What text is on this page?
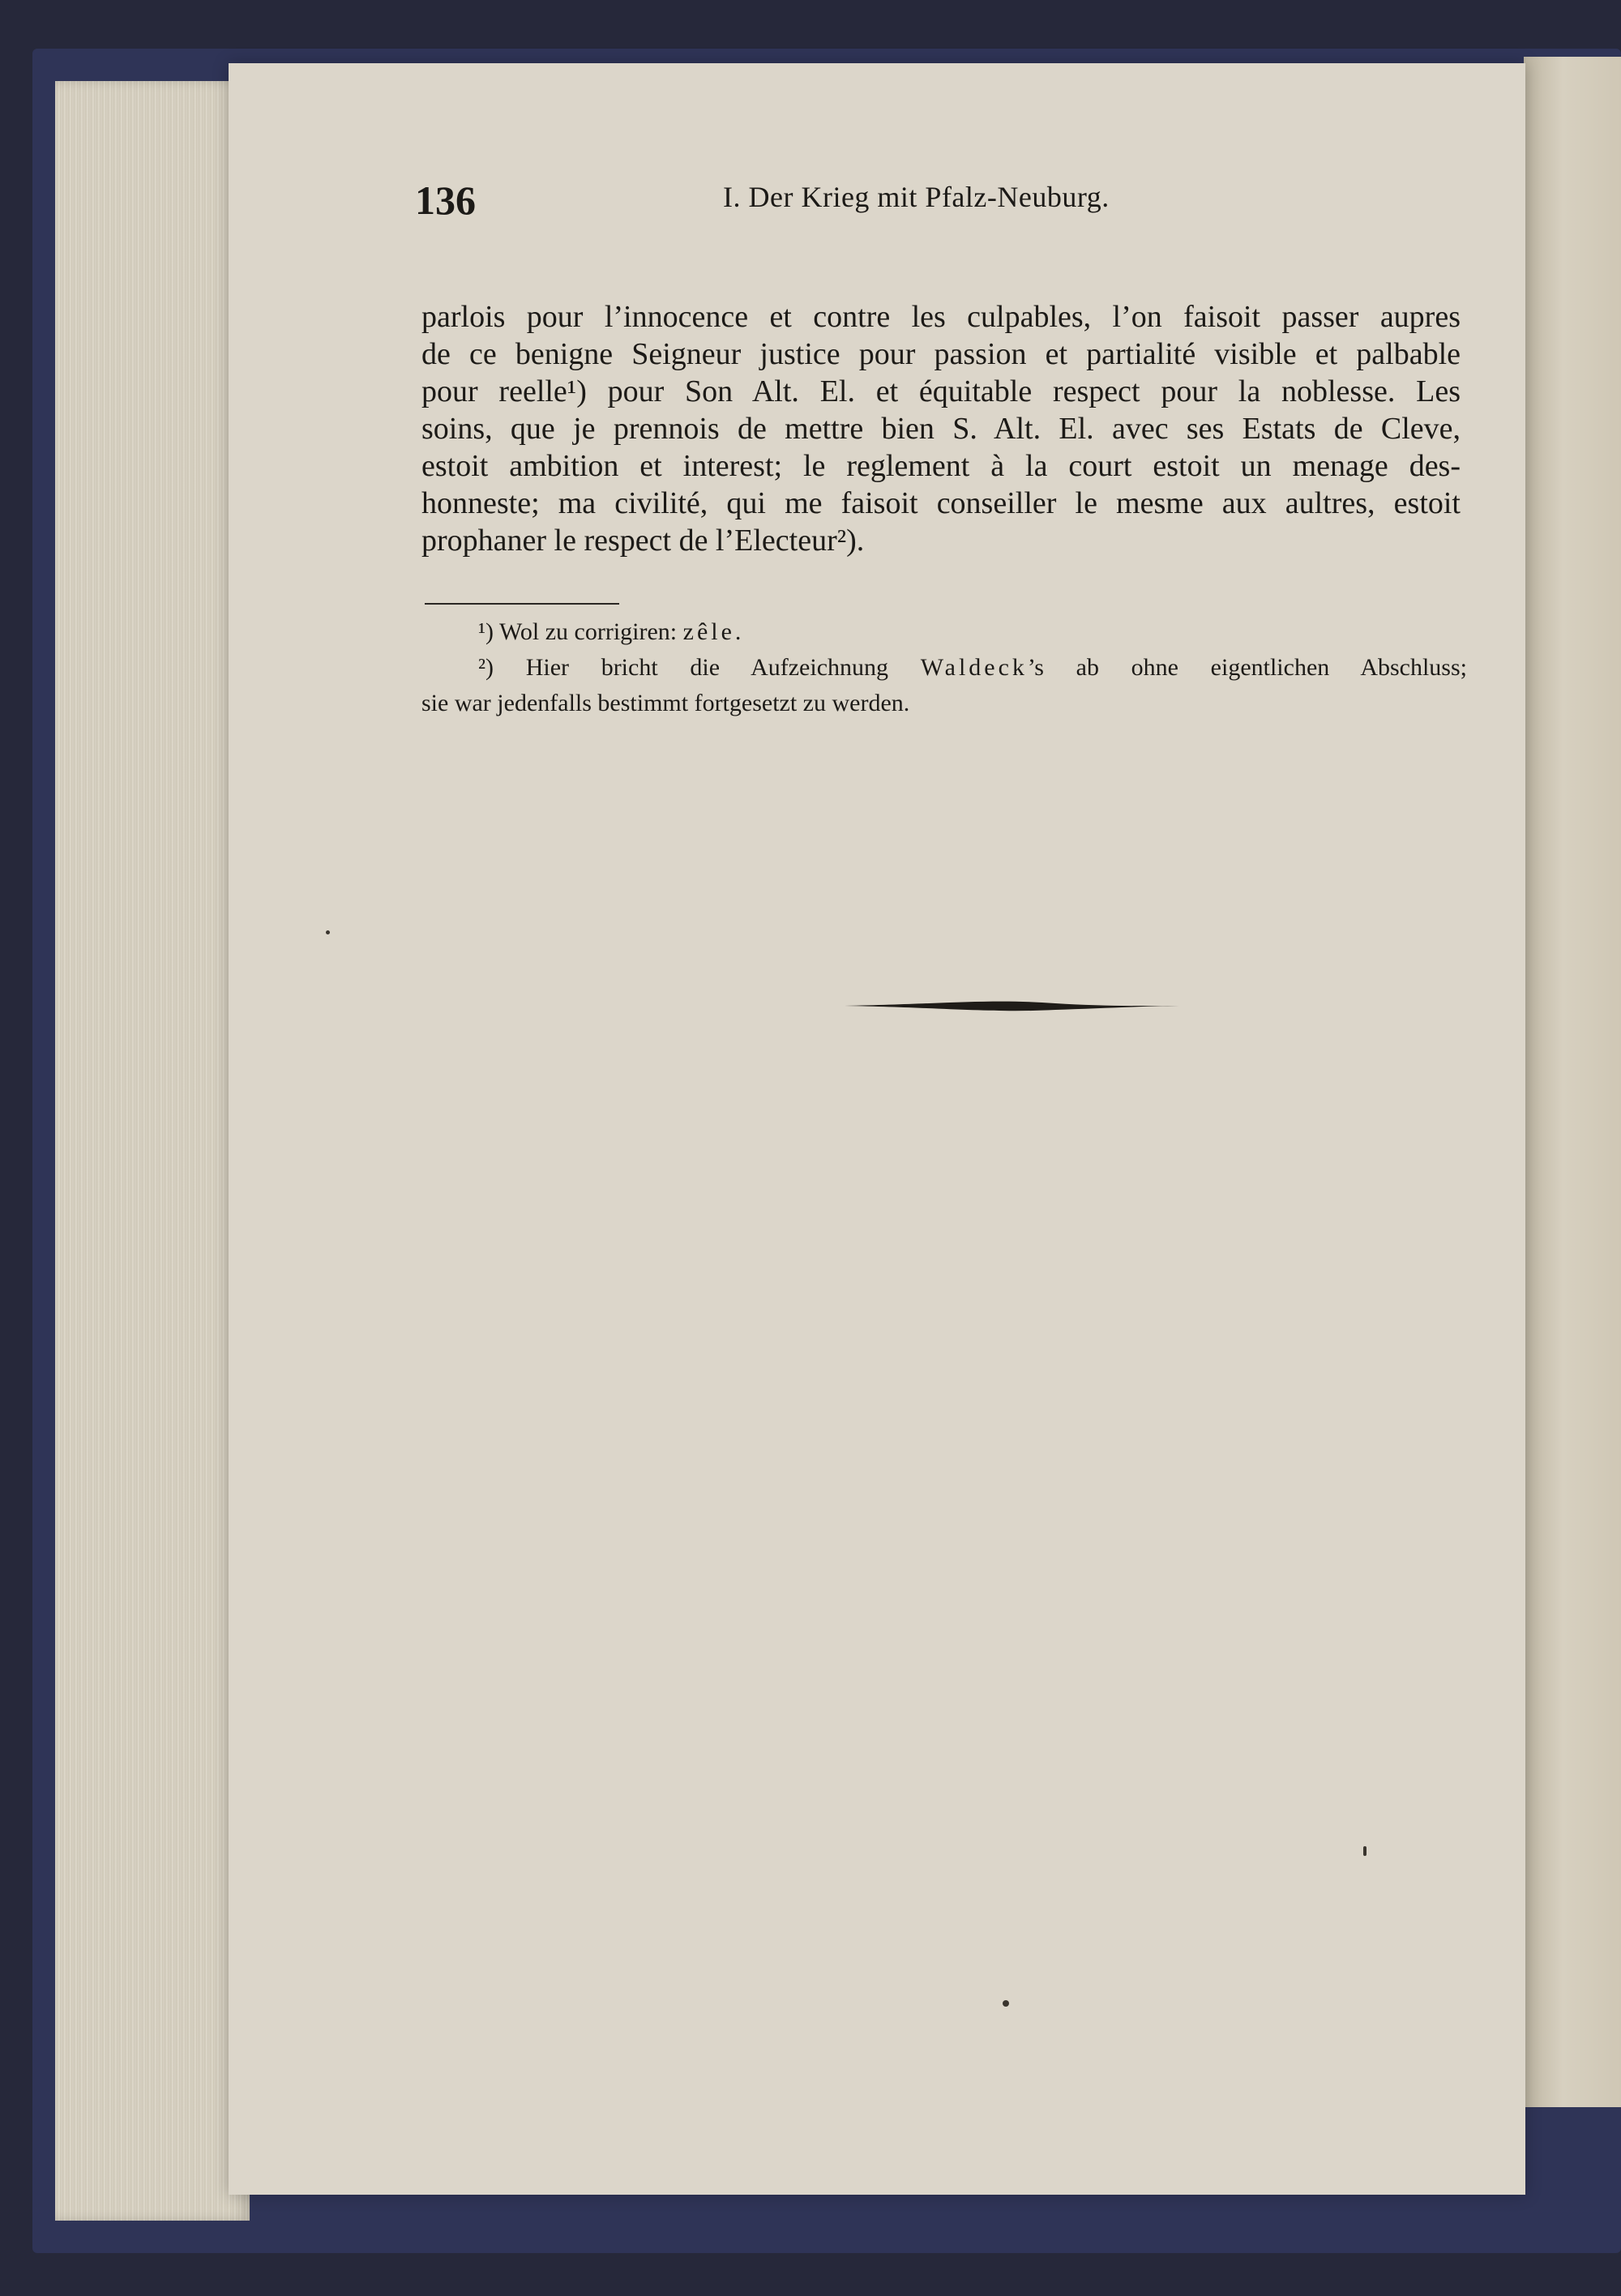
136	I. Der Krieg mit Pfalz-Neuburg.
parlois pour l’innocence et contre les culpables, l’on faisoit passer aupres
de ce benigne Seigneur justice pour passion et partialité visible et palbable
pour reelle¹) pour Son Alt. El. et équitable respect pour la noblesse. Les
soins, que je prennois de mettre bien S. Alt. El. avec ses Estats de Cleve,
estoit ambition et interest; le reglement à la court estoit un menage des-
honneste; ma civilité, qui me faisoit conseiller le mesme aux aultres, estoit
prophaner le respect de l’Electeur²).

¹) Wol zu corrigiren: zêle.

²) Hier bricht die Aufzeichnung Waldeck’s ab ohne eigentlichen Abschluss;

sie war jedenfalls bestimmt fortgesetzt zu werden.
